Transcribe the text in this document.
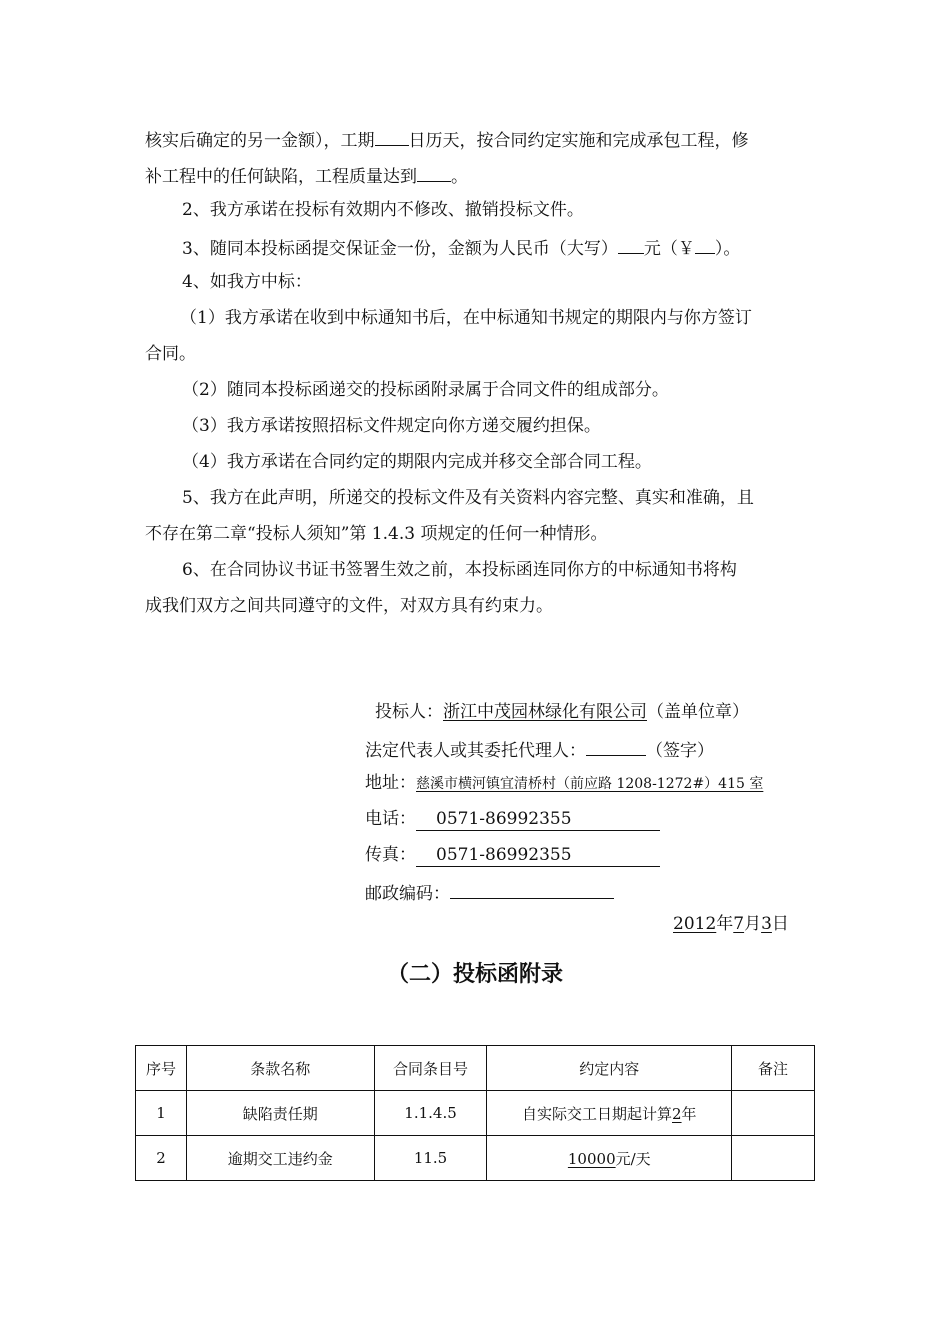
核实后确定的另一金额），工期 日历天，按合同约定实施和完成承包工程，修
补工程中的任何缺陷，工程质量达到 。
2、我方承诺在投标有效期内不修改、撤销投标文件。
3、随同本投标函提交保证金一份，金额为人民币（大写） 元（￥ ）。
4、如我方中标：
（1）我方承诺在收到中标通知书后，在中标通知书规定的期限内与你方签订
合同。
（2）随同本投标函递交的投标函附录属于合同文件的组成部分。
（3）我方承诺按照招标文件规定向你方递交履约担保。
（4）我方承诺在合同约定的期限内完成并移交全部合同工程。
5、我方在此声明，所递交的投标文件及有关资料内容完整、真实和准确，且
不存在第二章“投标人须知”第 1.4.3 项规定的任何一种情形。
6、在合同协议书证书签署生效之前，本投标函连同你方的中标通知书将构
成我们双方之间共同遵守的文件，对双方具有约束力。
投标人：浙江中茂园林绿化有限公司（盖单位章）
法定代表人或其委托代理人：	（签字）
地址：慈溪市横河镇宜清桥村（前应路 1208-1272#）415 室
电话： 0571-86992355
传真： 0571-86992355
邮政编码：
2012年7月3日
（二）投标函附录
序号	条款名称	合同条目号	约定内容	备注
1	缺陷责任期	1.1.4.5	自实际交工日期起计算2年	
2	逾期交工违约金	11.5	10000元/天	
